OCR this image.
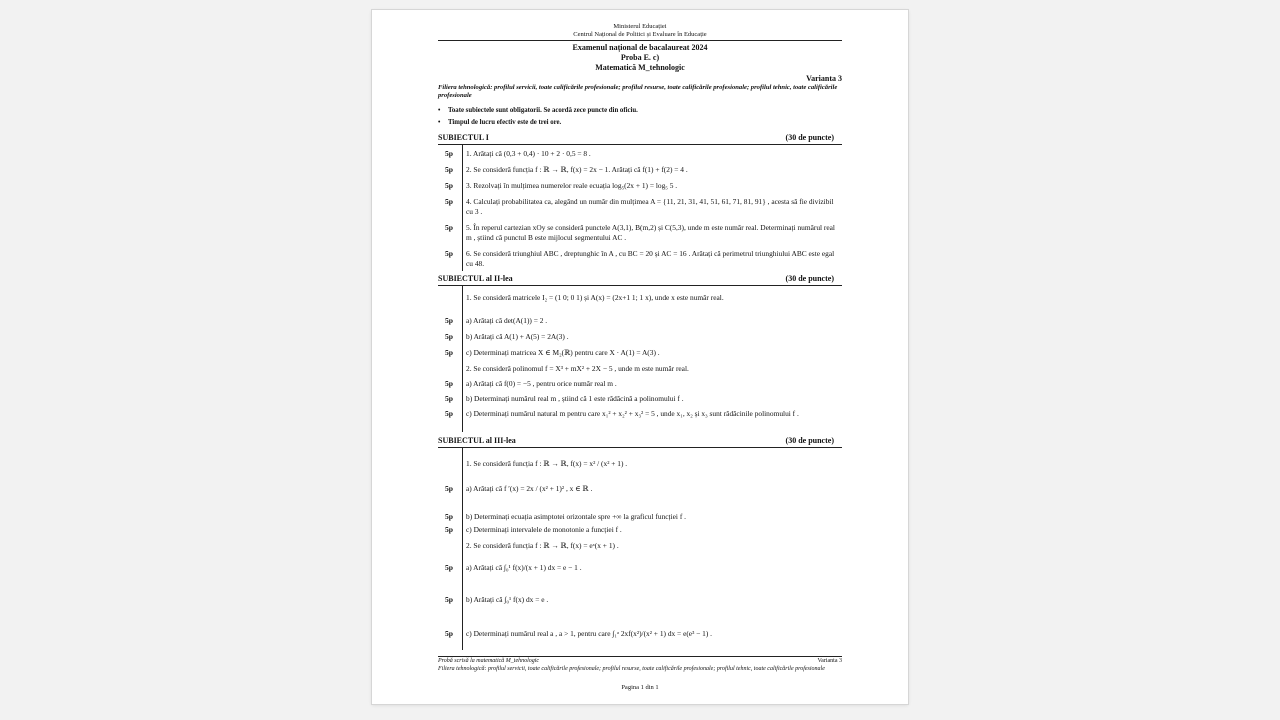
Ministerul Educației
Centrul Național de Politici și Evaluare în Educație
Examenul național de bacalaureat 2024
Proba E. c)
Matematică M_tehnologic
Varianta 3
Filiera tehnologică: profilul servicii, toate calificările profesionale; profilul resurse, toate calificările profesionale; profilul tehnic, toate calificările profesionale
• Toate subiectele sunt obligatorii. Se acordă zece puncte din oficiu.
• Timpul de lucru efectiv este de trei ore.
SUBIECTUL I	(30 de puncte)
5p	1. Arătați că (0,3 + 0,4) · 10 + 2 · 0,5 = 8 .
5p	2. Se consideră funcția f : ℝ → ℝ, f(x) = 2x − 1. Arătați că f(1) + f(2) = 4 .
5p	3. Rezolvați în mulțimea numerelor reale ecuația log₅(2x + 1) = log₅ 5 .
5p	4. Calculați probabilitatea ca, alegând un număr din mulțimea A = {11, 21, 31, 41, 51, 61, 71, 81, 91} , acesta să fie divizibil cu 3 .
5p	5. În reperul cartezian xOy se consideră punctele A(3,1), B(m,2) și C(5,3), unde m este număr real. Determinați numărul real m , știind că punctul B este mijlocul segmentului AC .
5p	6. Se consideră triunghiul ABC , dreptunghic în A , cu BC = 20 și AC = 16 . Arătați că perimetrul triunghiului ABC este egal cu 48.
SUBIECTUL al II-lea	(30 de puncte)
1. Se consideră matricele I₂ = (1 0; 0 1) și A(x) = (2x+1 1; 1 x), unde x este număr real.
5p	a) Arătați că det(A(1)) = 2 .
5p	b) Arătați că A(1) + A(5) = 2A(3) .
5p	c) Determinați matricea X ∈ M₂(ℝ) pentru care X · A(1) = A(3) .
2. Se consideră polinomul f = X³ + mX² + 2X − 5 , unde m este număr real.
5p	a) Arătați că f(0) = −5 , pentru orice număr real m .
5p	b) Determinați numărul real m , știind că 1 este rădăcină a polinomului f .
5p	c) Determinați numărul natural m pentru care x₁² + x₂² + x₃² = 5 , unde x₁, x₂ și x₃ sunt rădăcinile polinomului f .
SUBIECTUL al III-lea	(30 de puncte)
1. Se consideră funcția f : ℝ → ℝ, f(x) = x² / (x² + 1) .
5p	a) Arătați că f ′(x) = 2x / (x² + 1)² , x ∈ ℝ .
5p	b) Determinați ecuația asimptotei orizontale spre +∞ la graficul funcției f .
5p	c) Determinați intervalele de monotonie a funcției f .
2. Se consideră funcția f : ℝ → ℝ, f(x) = eˣ(x + 1) .
5p	a) Arătați că ∫₀¹ f(x)/(x + 1) dx = e − 1 .
5p	b) Arătați că ∫₀¹ f(x) dx = e .
5p	c) Determinați numărul real a , a > 1, pentru care ∫₁ᵃ 2xf(x²)/(x² + 1) dx = e(e³ − 1) .
Probă scrisă la matematică M_tehnologic	Varianta 3
Filiera tehnologică: profilul servicii, toate calificările profesionale; profilul resurse, toate calificările profesionale; profilul tehnic, toate calificările profesionale
Pagina 1 din 1
